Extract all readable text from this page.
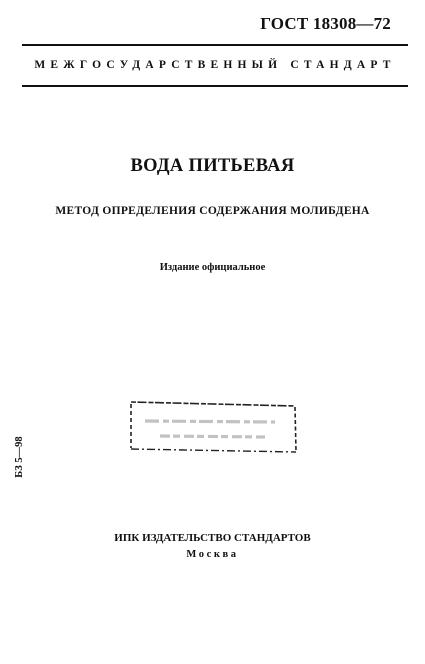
ГОСТ 18308—72
МЕЖГОСУДАРСТВЕННЫЙ СТАНДАРТ
ВОДА ПИТЬЕВАЯ
МЕТОД ОПРЕДЕЛЕНИЯ СОДЕРЖАНИЯ МОЛИБДЕНА
Издание официальное
БЗ 5—98
ИПК ИЗДАТЕЛЬСТВО СТАНДАРТОВ
Москва
